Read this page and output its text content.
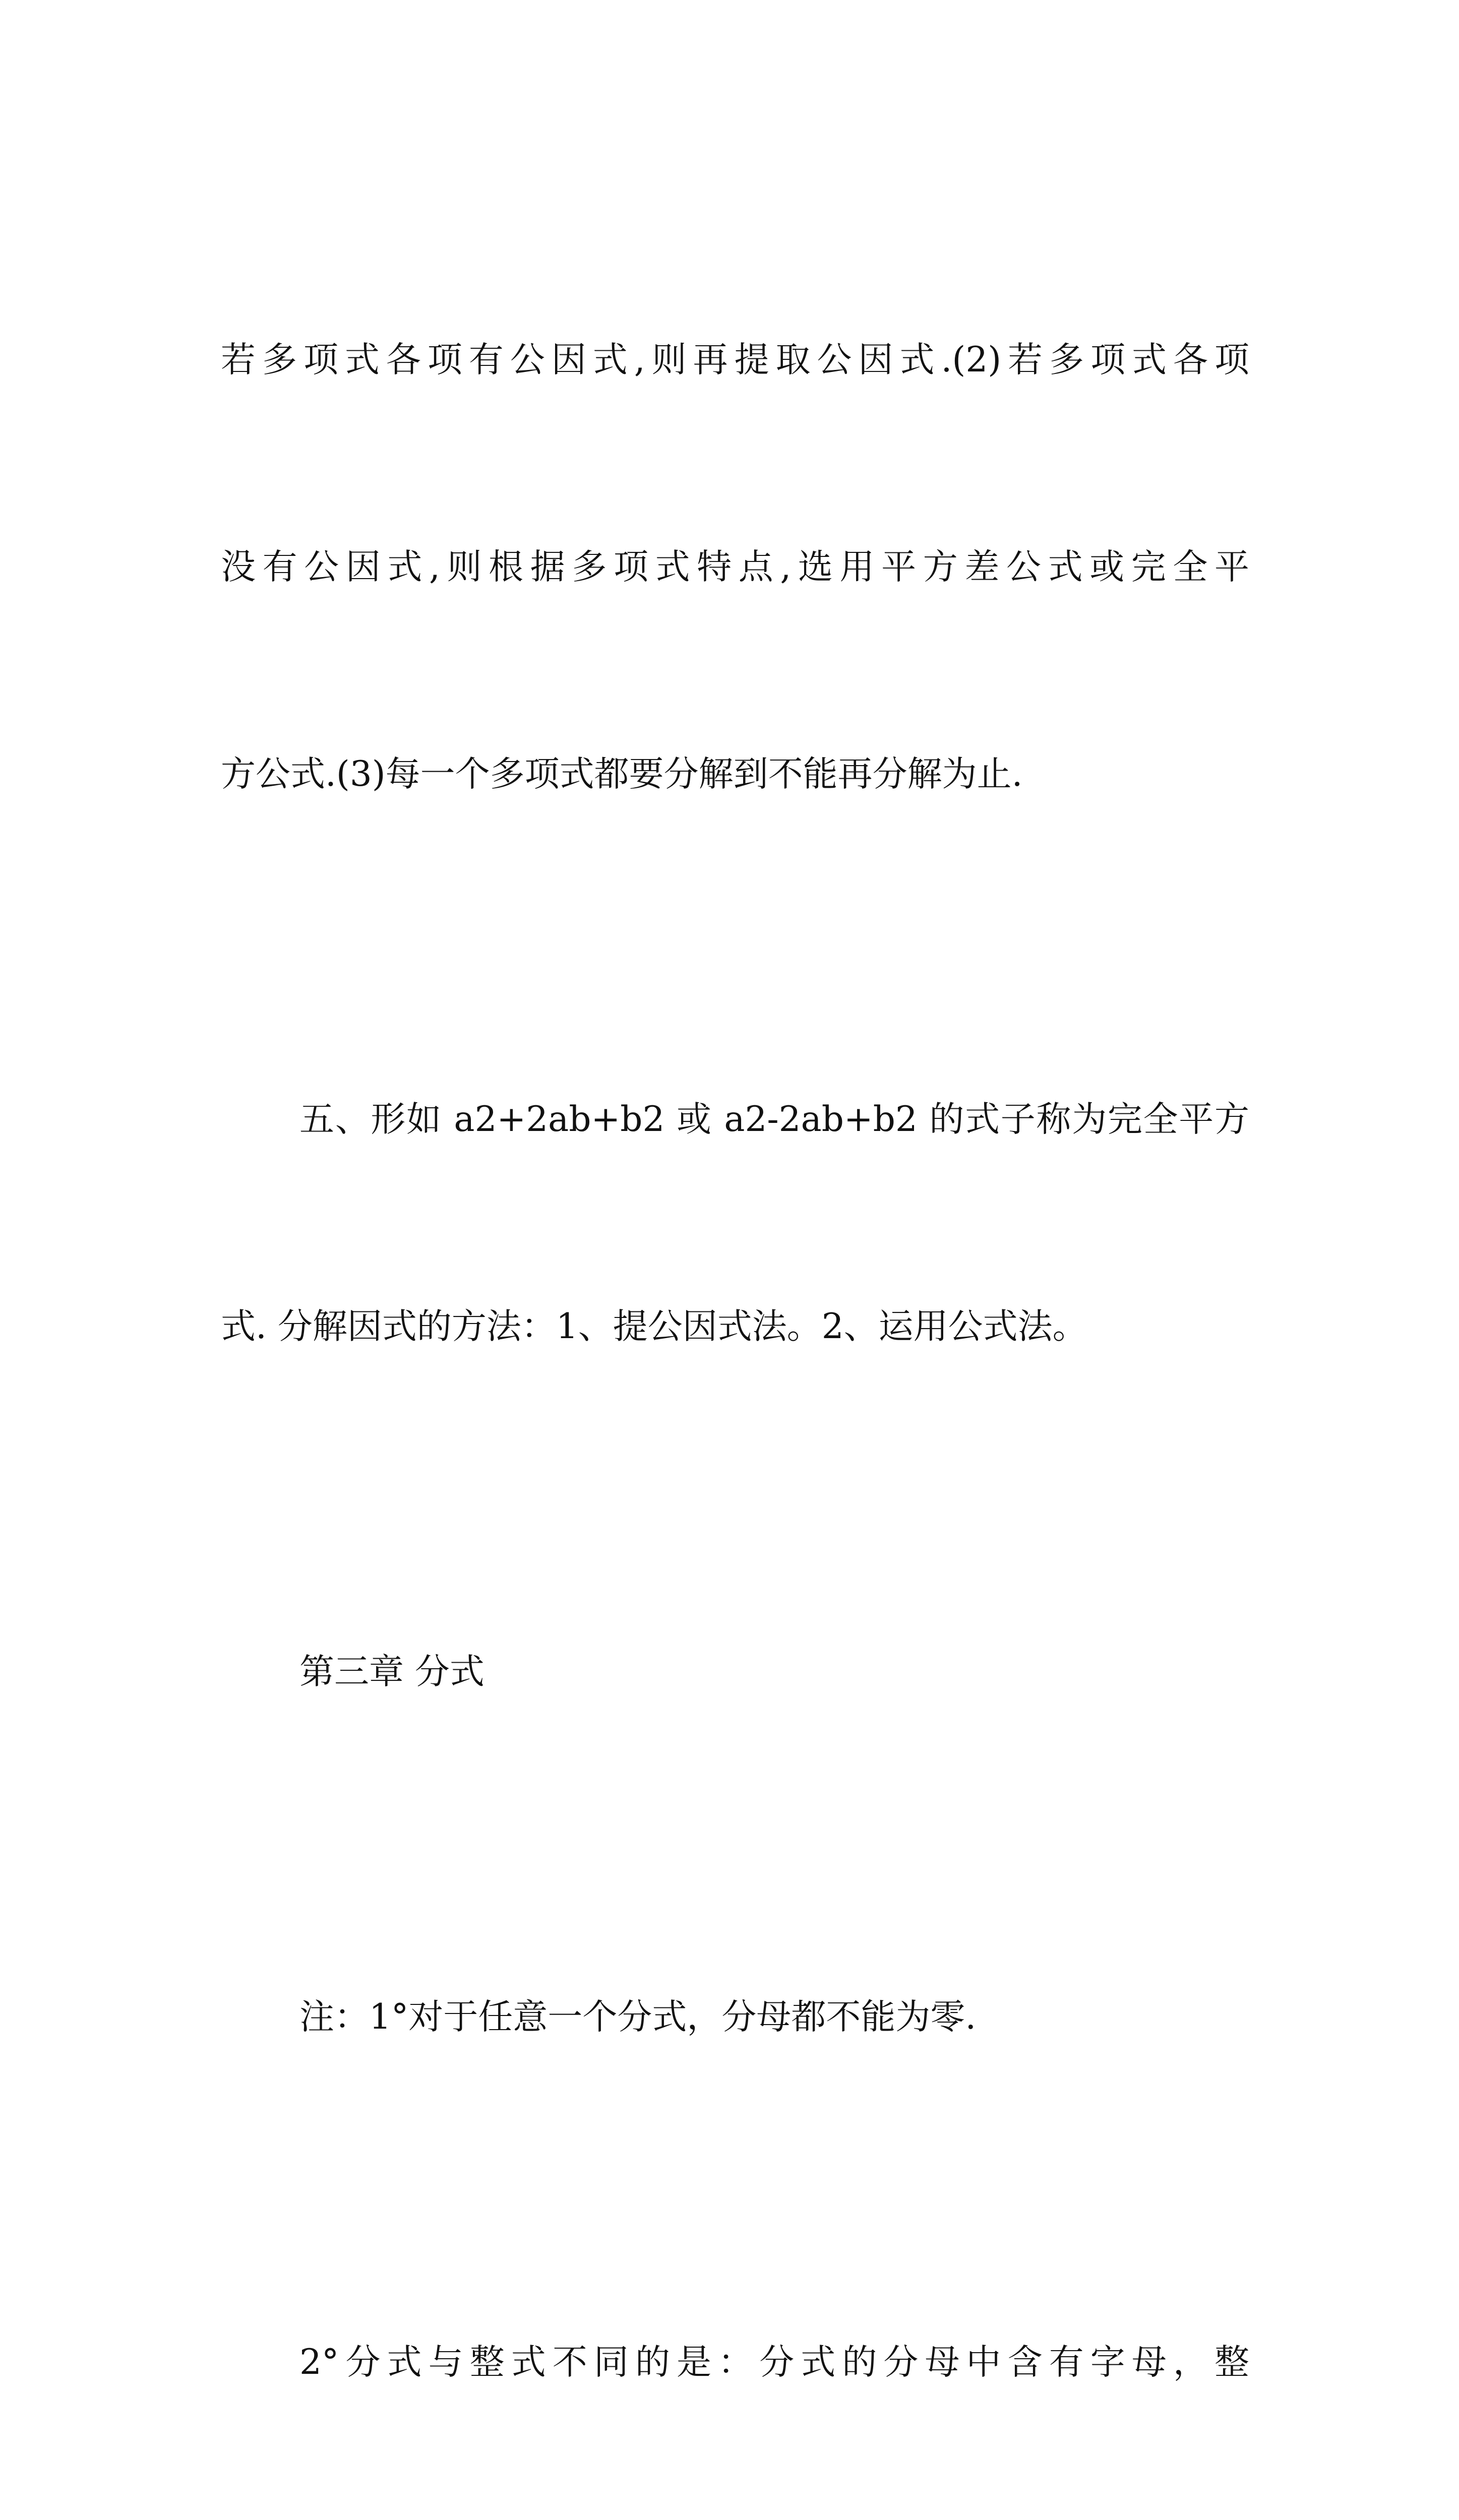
若多项式各项有公因式,则再提取公因式.(2)若多项式各项

没有公因式,则根据多项式特点,选用平方差公式或完全平

方公式.(3)每一个多项式都要分解到不能再分解为止.

五、形如 a2+2ab+b2 或 a2-2ab+b2 的式子称为完全平方

式. 分解因式的方法：1、提公因式法。2、运用公式法。

第三章 分式

注：1°对于任意一个分式，分母都不能为零.

2°分式与整式不同的是：分式的分母中含有字母，整
